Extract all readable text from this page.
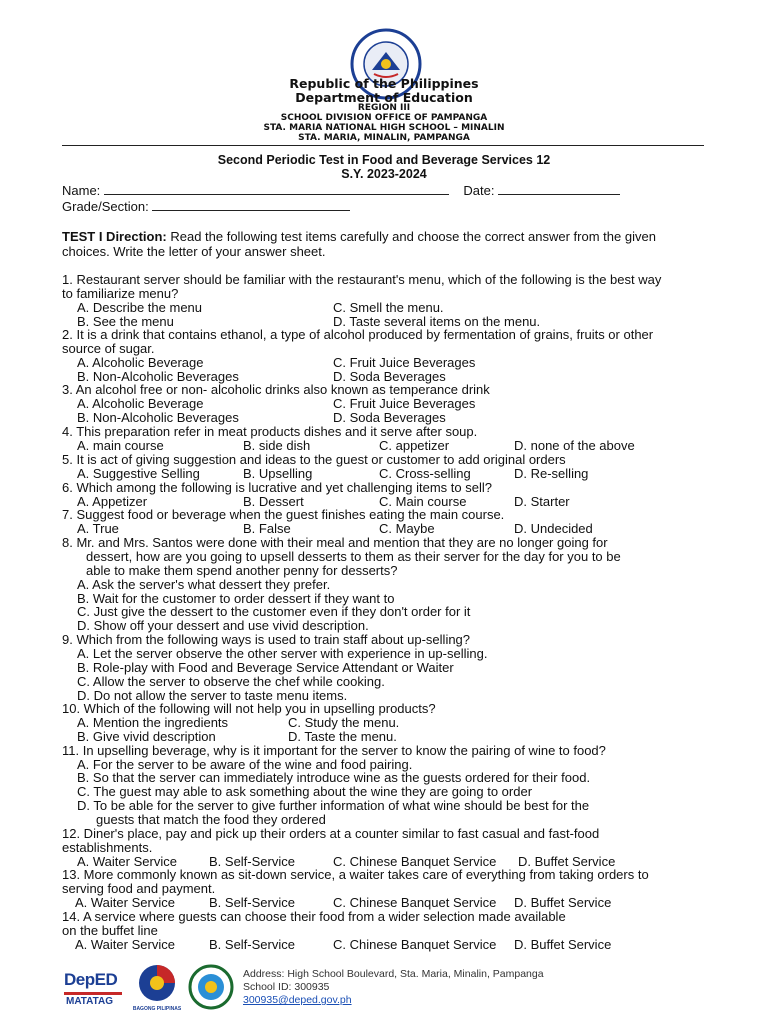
Republic of the Philippines
Department of Education
REGION III
SCHOOL DIVISION OFFICE OF PAMPANGA
STA. MARIA NATIONAL HIGH SCHOOL – MINALIN
STA. MARIA, MINALIN, PAMPANGA
Second Periodic Test in Food and Beverage Services 12
S.Y. 2023-2024
Name:	Date:
Grade/Section:
TEST I Direction: Read the following test items carefully and choose the correct answer from the given
choices. Write the letter of your answer sheet.
1. Restaurant server should be familiar with the restaurant's menu, which of the following is the best way
to familiarize menu?
A. Describe the menu	C. Smell the menu.
B. See the menu	D. Taste several items on the menu.
2. It is a drink that contains ethanol, a type of alcohol produced by fermentation of grains, fruits or other
source of sugar.
A. Alcoholic Beverage	C. Fruit Juice Beverages
B. Non-Alcoholic Beverages	D. Soda Beverages
3. An alcohol free or non- alcoholic drinks also known as temperance drink
A. Alcoholic Beverage	C. Fruit Juice Beverages
B. Non-Alcoholic Beverages	D. Soda Beverages
4. This preparation refer in meat products dishes and it serve after soup.
A. main course	B. side dish	C. appetizer	D. none of the above
5. It is act of giving suggestion and ideas to the guest or customer to add original orders
A. Suggestive Selling	B. Upselling	C. Cross-selling	D. Re-selling
6. Which among the following is lucrative and yet challenging items to sell?
A. Appetizer	B. Dessert	C. Main course	D. Starter
7. Suggest food or beverage when the guest finishes eating the main course.
A. True	B. False	C. Maybe	D. Undecided
8. Mr. and Mrs. Santos were done with their meal and mention that they are no longer going for
dessert, how are you going to upsell desserts to them as their server for the day for you to be
able to make them spend another penny for desserts?
A. Ask the server's what dessert they prefer.
B. Wait for the customer to order dessert if they want to
C. Just give the dessert to the customer even if they don't order for it
D. Show off your dessert and use vivid description.
9. Which from the following ways is used to train staff about up-selling?
A. Let the server observe the other server with experience in up-selling.
B. Role-play with Food and Beverage Service Attendant or Waiter
C. Allow the server to observe the chef while cooking.
D. Do not allow the server to taste menu items.
10. Which of the following will not help you in upselling products?
A. Mention the ingredients	C. Study the menu.
B. Give vivid description	D. Taste the menu.
11. In upselling beverage, why is it important for the server to know the pairing of wine to food?
A. For the server to be aware of the wine and food pairing.
B. So that the server can immediately introduce wine as the guests ordered for their food.
C. The guest may able to ask something about the wine they are going to order
D. To be able for the server to give further information of what wine should be best for the
guests that match the food they ordered
12. Diner's place, pay and pick up their orders at a counter similar to fast casual and fast-food
establishments.
A. Waiter Service B. Self-Service	C. Chinese Banquet Service D. Buffet Service
13. More commonly known as sit-down service, a waiter takes care of everything from taking orders to
serving food and payment.
A. Waiter Service	B. Self-Service	C. Chinese Banquet Service D. Buffet Service
14. A service where guests can choose their food from a wider selection made available
on the buffet line
A. Waiter Service	B. Self-Service	C. Chinese Banquet Service D. Buffet Service
DepED
MATATAG
BAGONG PILIPINAS
Address: High School Boulevard, Sta. Maria, Minalin, Pampanga
School ID: 300935
300935@deped.gov.ph
